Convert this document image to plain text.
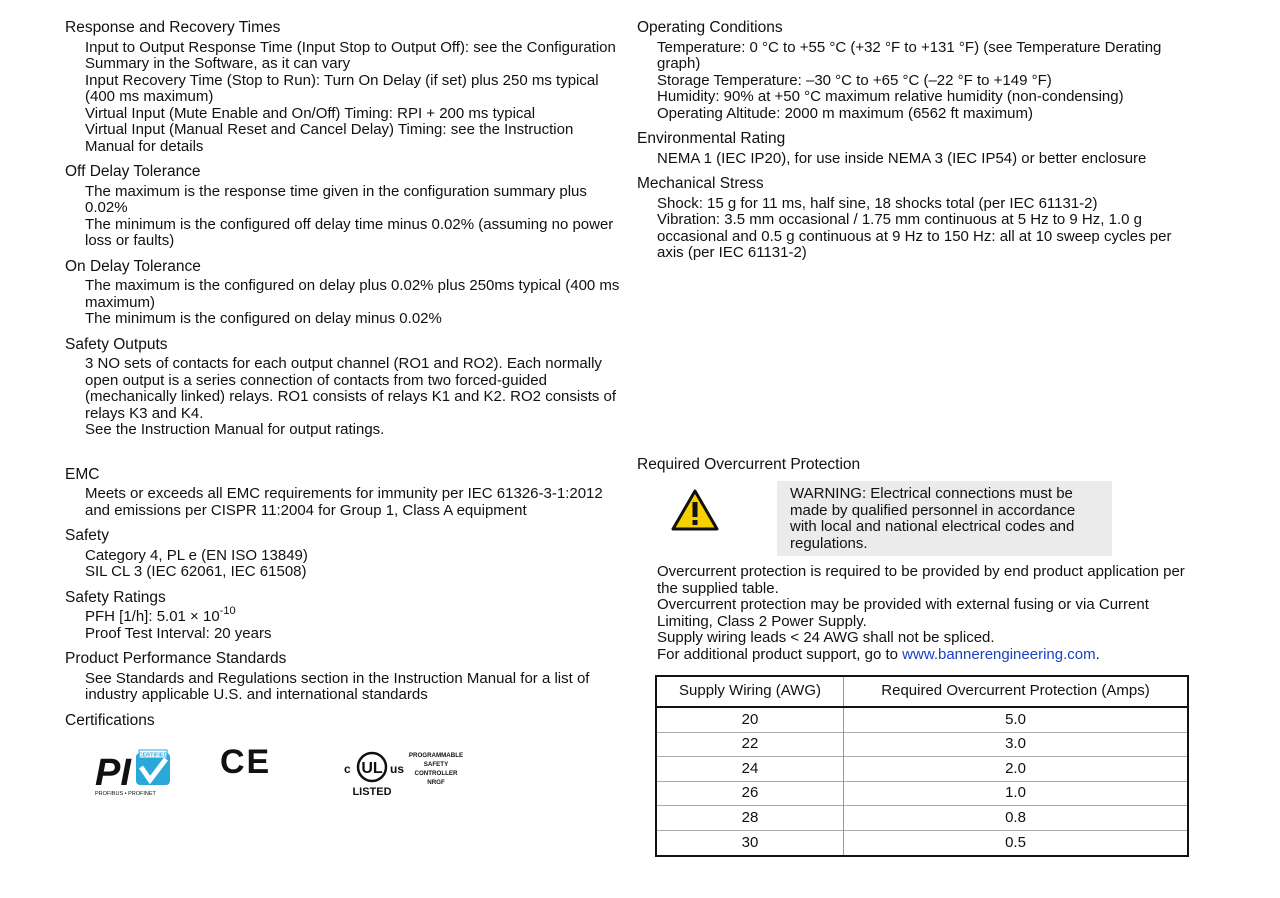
Response and Recovery Times

Input to Output Response Time (Input Stop to Output Off): see the Configuration Summary in the Software, as it can vary

Input Recovery Time (Stop to Run): Turn On Delay (if set) plus 250 ms typical (400 ms maximum)

Virtual Input (Mute Enable and On/Off) Timing: RPI + 200 ms typical

Virtual Input (Manual Reset and Cancel Delay) Timing: see the Instruction Manual for details

Off Delay Tolerance

The maximum is the response time given in the configuration summary plus 0.02%

The minimum is the configured off delay time minus 0.02% (assuming no power loss or faults)

On Delay Tolerance

The maximum is the configured on delay plus 0.02% plus 250ms typical (400 ms maximum)

The minimum is the configured on delay minus 0.02%

Safety Outputs

3 NO sets of contacts for each output channel (RO1 and RO2). Each normally open output is a series connection of contacts from two forced-guided (mechanically linked) relays. RO1 consists of relays K1 and K2. RO2 consists of relays K3 and K4.

See the Instruction Manual for output ratings.

EMC

Meets or exceeds all EMC requirements for immunity per IEC 61326-3-1:2012 and emissions per CISPR 11:2004 for Group 1, Class A equipment

Safety

Category 4, PL e (EN ISO 13849)

SIL CL 3 (IEC 62061, IEC 61508)

Safety Ratings

PFH [1/h]: $5.01 \times 10^{-10}$

Proof Test Interval: 20 years

Product Performance Standards

See Standards and Regulations section in the Instruction Manual for a list of industry applicable U.S. and international standards

Certifications
PI CERTIFIED
PROFIBUS • PROFINET
CE	UL
c	us
LISTED
PROGRAMMABLE
SAFETY
CONTROLLER
NRGF
Operating Conditions

Temperature: 0 °C to +55 °C (+32 °F to +131 °F) (see Temperature Derating graph)

Storage Temperature: –30 °C to +65 °C (–22 °F to +149 °F)

Humidity: 90% at +50 °C maximum relative humidity (non-condensing)

Operating Altitude: 2000 m maximum (6562 ft maximum)

Environmental Rating

NEMA 1 (IEC IP20), for use inside NEMA 3 (IEC IP54) or better enclosure

Mechanical Stress

Shock: 15 g for 11 ms, half sine, 18 shocks total (per IEC 61131-2)

Vibration: 3.5 mm occasional / 1.75 mm continuous at 5 Hz to 9 Hz, 1.0 g occasional and 0.5 g continuous at 9 Hz to 150 Hz: all at 10 sweep cycles per axis (per IEC 61131-2)

Required Overcurrent Protection

WARNING: Electrical connections must be made by qualified personnel in accordance with local and national electrical codes and regulations.

Overcurrent protection is required to be provided by end product application per the supplied table.

Overcurrent protection may be provided with external fusing or via Current Limiting, Class 2 Power Supply.

Supply wiring leads < 24 AWG shall not be spliced.

For additional product support, go to www.bannerengineering.com.

Supply Wiring (AWG)	Required Overcurrent Protection (Amps)
20	5.0
22	3.0
24	2.0
26	1.0
28	0.8
30	0.5
